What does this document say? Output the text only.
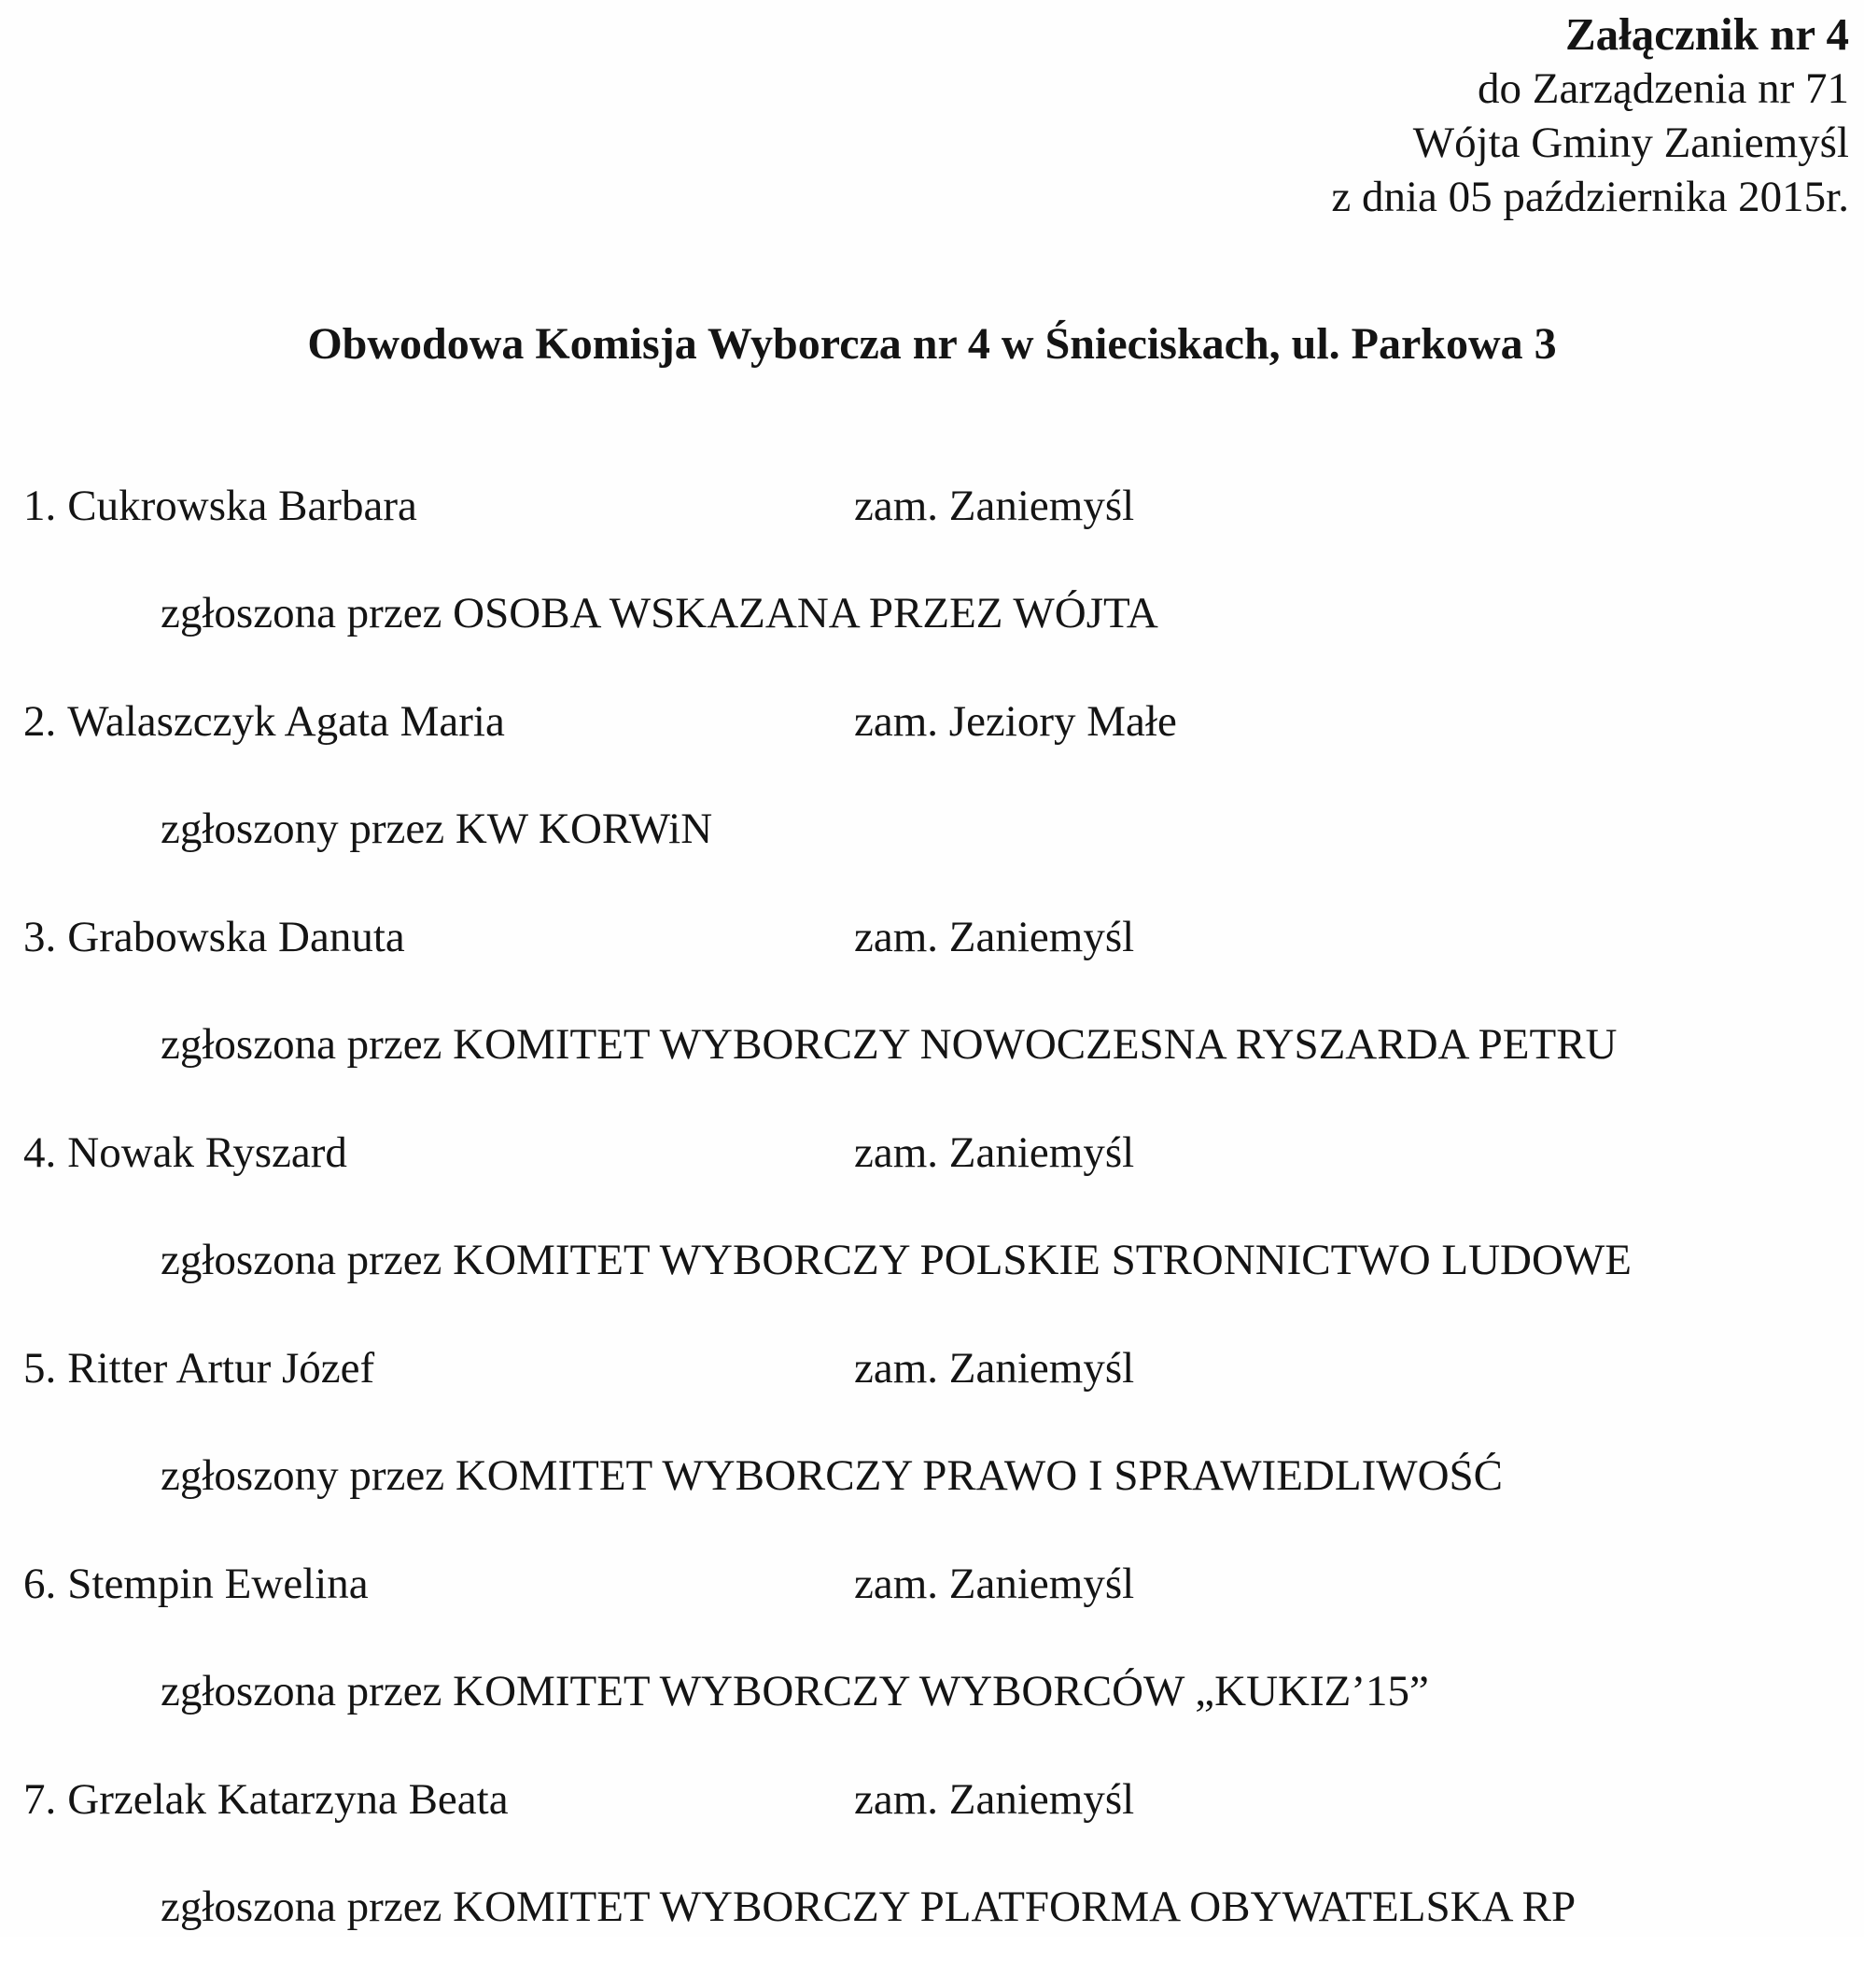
Załącznik nr 4
do Zarządzenia nr 71
Wójta Gminy Zaniemyśl
z dnia 05 października 2015r.
Obwodowa Komisja Wyborcza nr 4 w Śnieciskach, ul. Parkowa 3
1. Cukrowska Barbara	zam. Zaniemyśl
zgłoszona przez OSOBA WSKAZANA PRZEZ WÓJTA
2. Walaszczyk Agata Maria	zam. Jeziory Małe
zgłoszony przez KW KORWiN
3. Grabowska Danuta	zam. Zaniemyśl
zgłoszona przez KOMITET WYBORCZY NOWOCZESNA RYSZARDA PETRU
4. Nowak Ryszard	zam. Zaniemyśl
zgłoszona przez KOMITET WYBORCZY POLSKIE STRONNICTWO LUDOWE
5. Ritter Artur Józef	zam. Zaniemyśl
zgłoszony przez KOMITET WYBORCZY PRAWO I SPRAWIEDLIWOŚĆ
6. Stempin Ewelina	zam. Zaniemyśl
zgłoszona przez KOMITET WYBORCZY WYBORCÓW „KUKIZ’15”
7. Grzelak Katarzyna Beata	zam. Zaniemyśl
zgłoszona przez KOMITET WYBORCZY PLATFORMA OBYWATELSKA RP
